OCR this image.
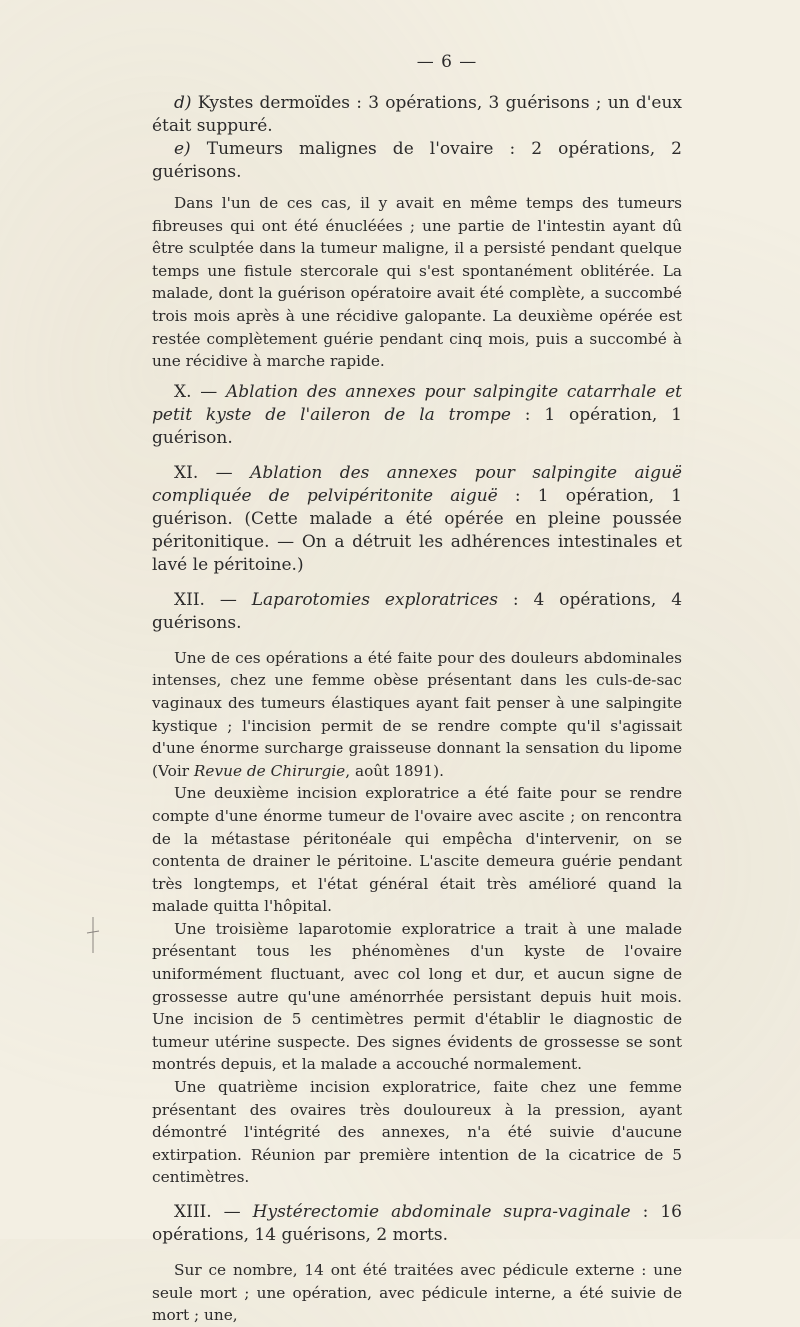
— 6 —

d) Kystes dermoïdes : 3 opérations, 3 guérisons ; un d'eux était suppuré.

e) Tumeurs malignes de l'ovaire : 2 opérations, 2 guérisons.

Dans l'un de ces cas, il y avait en même temps des tumeurs fibreuses qui ont été énucléées ; une partie de l'intestin ayant dû être sculptée dans la tumeur maligne, il a persisté pendant quelque temps une fistule stercorale qui s'est spontanément oblitérée. La malade, dont la guérison opératoire avait été complète, a succombé trois mois après à une récidive galopante. La deuxième opérée est restée complètement guérie pendant cinq mois, puis a succombé à une récidive à marche rapide.

X. — Ablation des annexes pour salpingite catarrhale et petit kyste de l'aileron de la trompe : 1 opération, 1 guérison.

XI. — Ablation des annexes pour salpingite aiguë compliquée de pelvipéritonite aiguë : 1 opération, 1 guérison. (Cette malade a été opérée en pleine poussée péritonitique. — On a détruit les adhérences intestinales et lavé le péritoine.)

XII. — Laparotomies exploratrices : 4 opérations, 4 guérisons.

Une de ces opérations a été faite pour des douleurs abdominales intenses, chez une femme obèse présentant dans les culs-de-sac vaginaux des tumeurs élastiques ayant fait penser à une salpingite kystique ; l'incision permit de se rendre compte qu'il s'agissait d'une énorme surcharge graisseuse donnant la sensation du lipome (Voir Revue de Chirurgie, août 1891).

Une deuxième incision exploratrice a été faite pour se rendre compte d'une énorme tumeur de l'ovaire avec ascite ; on rencontra de la métastase péritonéale qui empêcha d'intervenir, on se contenta de drainer le péritoine. L'ascite demeura guérie pendant très longtemps, et l'état général était très amélioré quand la malade quitta l'hôpital.

Une troisième laparotomie exploratrice a trait à une malade présentant tous les phénomènes d'un kyste de l'ovaire uniformément fluctuant, avec col long et dur, et aucun signe de grossesse autre qu'une aménorrhée persistant depuis huit mois. Une incision de 5 centimètres permit d'établir le diagnostic de tumeur utérine suspecte. Des signes évidents de grossesse se sont montrés depuis, et la malade a accouché normalement.

Une quatrième incision exploratrice, faite chez une femme présentant des ovaires très douloureux à la pression, ayant démontré l'intégrité des annexes, n'a été suivie d'aucune extirpation. Réunion par première intention de la cicatrice de 5 centimètres.

XIII. — Hystérectomie abdominale supra-vaginale : 16 opérations, 14 guérisons, 2 morts.

Sur ce nombre, 14 ont été traitées avec pédicule externe : une seule mort ; une opération, avec pédicule interne, a été suivie de mort ; une,
